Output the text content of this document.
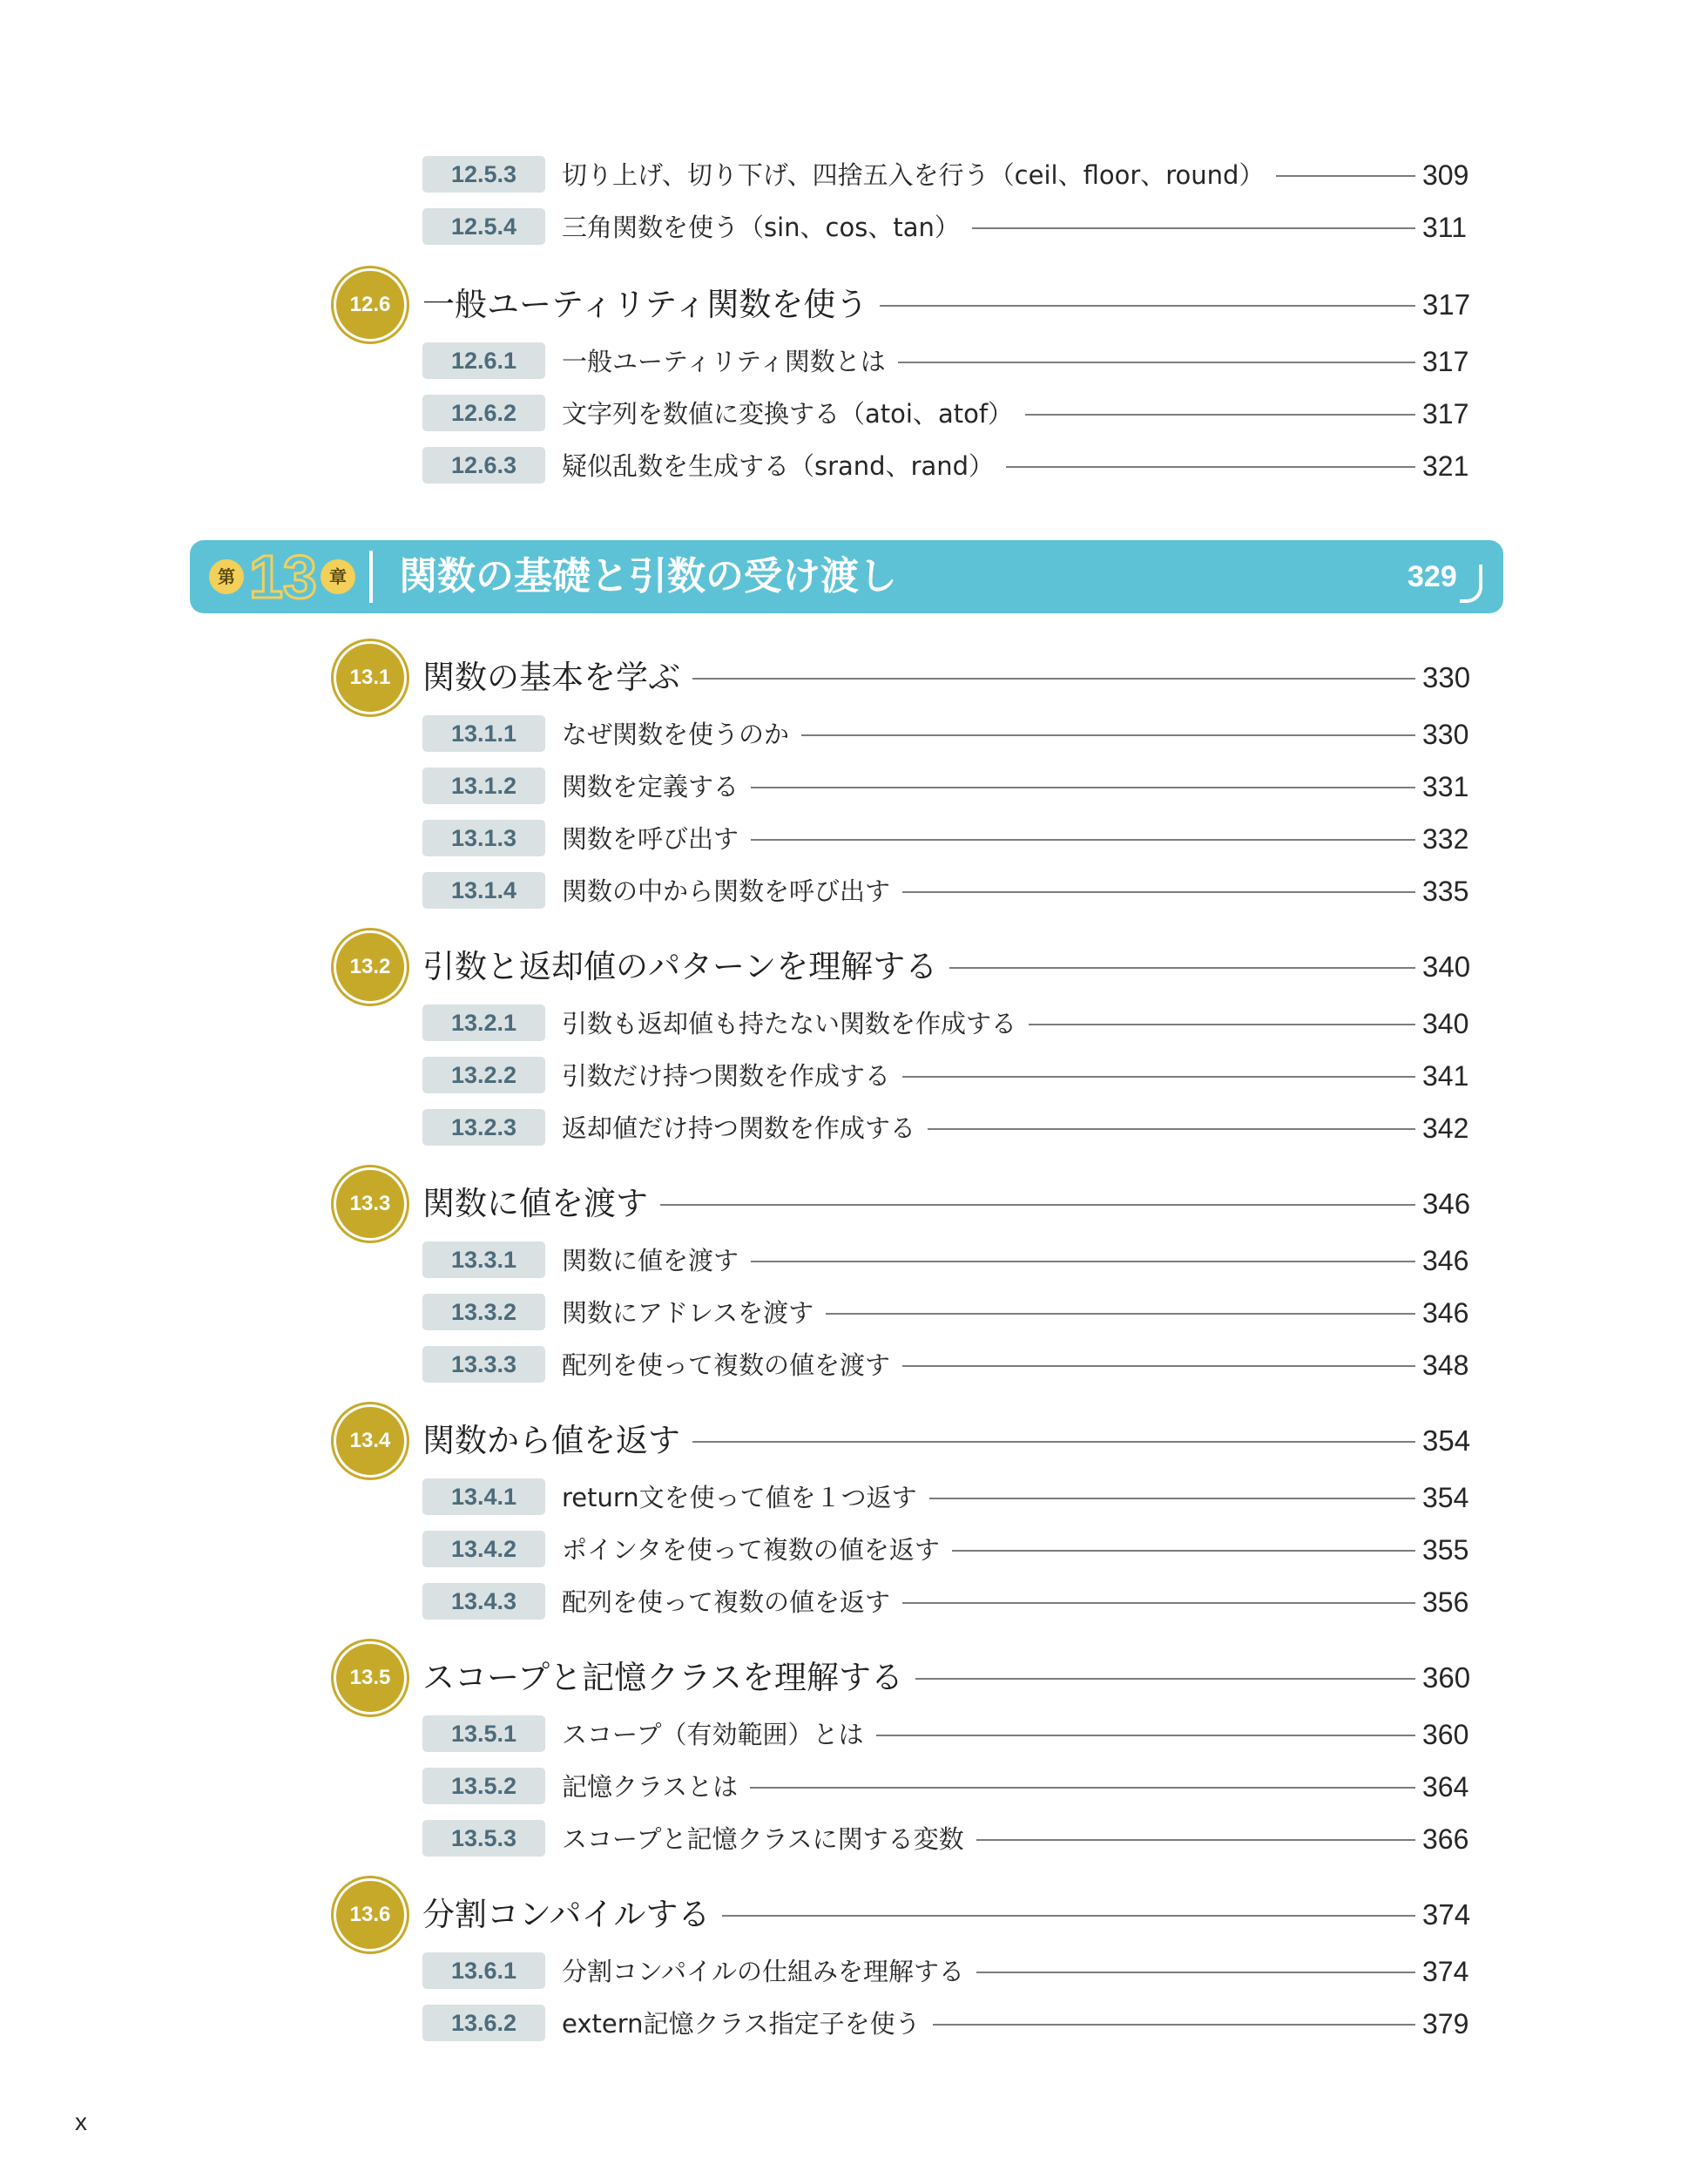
12.5.3	切り上げ、切り下げ、四捨五入を行う（ceil、floor、round）	309
12.5.4	三角関数を使う（sin、cos、tan）	311
12.6 一般ユーティリティ関数を使う	317
12.6.1	一般ユーティリティ関数とは	317
12.6.2	文字列を数値に変換する（atoi、atof）	317
12.6.3	疑似乱数を生成する（srand、rand）	321
第 13 章 関数の基礎と引数の受け渡し	329
13.1 関数の基本を学ぶ	330
13.1.1	なぜ関数を使うのか	330
13.1.2	関数を定義する	331
13.1.3	関数を呼び出す	332
13.1.4	関数の中から関数を呼び出す	335
13.2 引数と返却値のパターンを理解する	340
13.2.1	引数も返却値も持たない関数を作成する	340
13.2.2	引数だけ持つ関数を作成する	341
13.2.3	返却値だけ持つ関数を作成する	342
13.3 関数に値を渡す	346
13.3.1	関数に値を渡す	346
13.3.2	関数にアドレスを渡す	346
13.3.3	配列を使って複数の値を渡す	348
13.4 関数から値を返す	354
13.4.1	return文を使って値を１つ返す	354
13.4.2	ポインタを使って複数の値を返す	355
13.4.3	配列を使って複数の値を返す	356
13.5 スコープと記憶クラスを理解する	360
13.5.1	スコープ（有効範囲）とは	360
13.5.2	記憶クラスとは	364
13.5.3	スコープと記憶クラスに関する変数	366
13.6 分割コンパイルする	374
13.6.1	分割コンパイルの仕組みを理解する	374
13.6.2	extern記憶クラス指定子を使う	379
x
